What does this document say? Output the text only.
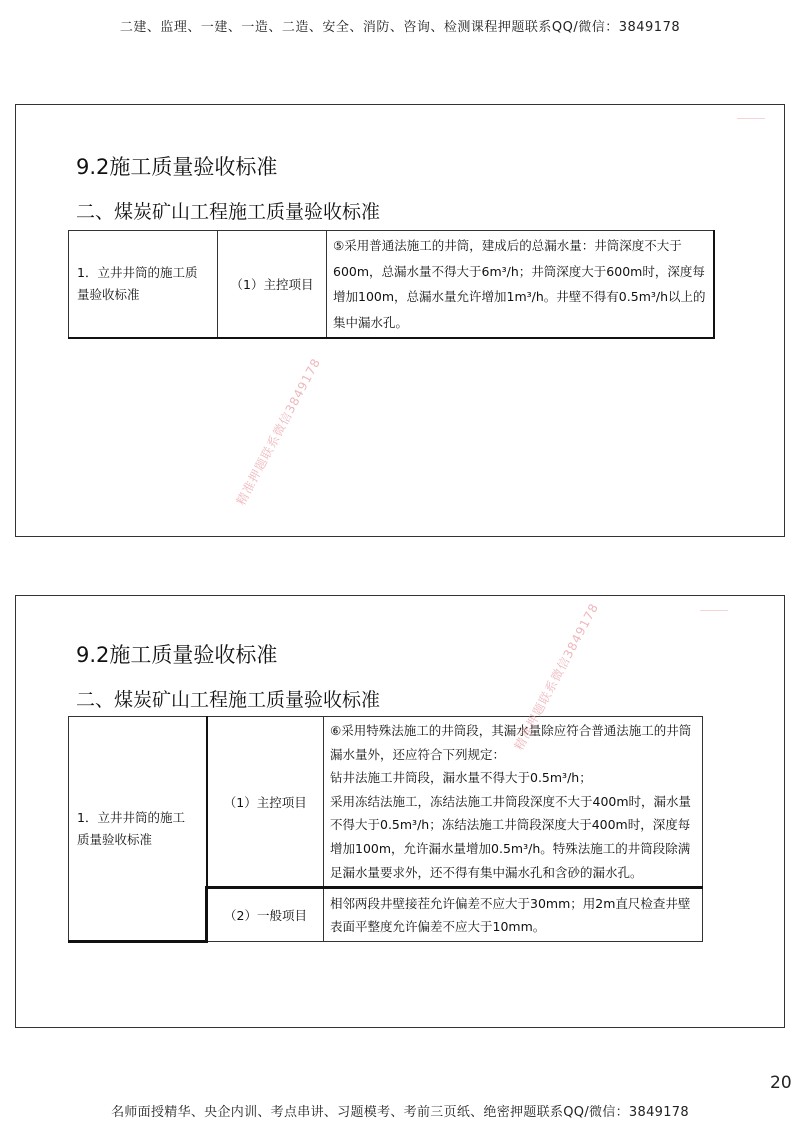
二建、监理、一建、一造、二造、安全、消防、咨询、检测课程押题联系QQ/微信：3849178
9.2施工质量验收标准
二、煤炭矿山工程施工质量验收标准
1．立井井筒的施工质量验收标准	（1）主控项目	⑤采用普通法施工的井筒，建成后的总漏水量：井筒深度不大于600m，总漏水量不得大于6m³/h；井筒深度大于600m时，深度每增加100m，总漏水量允许增加1m³/h。井壁不得有0.5m³/h以上的集中漏水孔。
精准押题联系微信3849178
9.2施工质量验收标准
二、煤炭矿山工程施工质量验收标准
1．立井井筒的施工质量验收标准	（1）主控项目	⑥采用特殊法施工的井筒段，其漏水量除应符合普通法施工的井筒漏水量外，还应符合下列规定：
钻井法施工井筒段，漏水量不得大于0.5m³/h；
采用冻结法施工，冻结法施工井筒段深度不大于400m时，漏水量不得大于0.5m³/h；冻结法施工井筒段深度大于400m时，深度每增加100m，允许漏水量增加0.5m³/h。特殊法施工的井筒段除满足漏水量要求外，还不得有集中漏水孔和含砂的漏水孔。

	（2）一般项目	相邻两段井壁接茬允许偏差不应大于30mm；用2m直尺检查井壁表面平整度允许偏差不应大于10mm。
精准押题联系微信3849178
20
名师面授精华、央企内训、考点串讲、习题模考、考前三页纸、绝密押题联系QQ/微信：3849178
